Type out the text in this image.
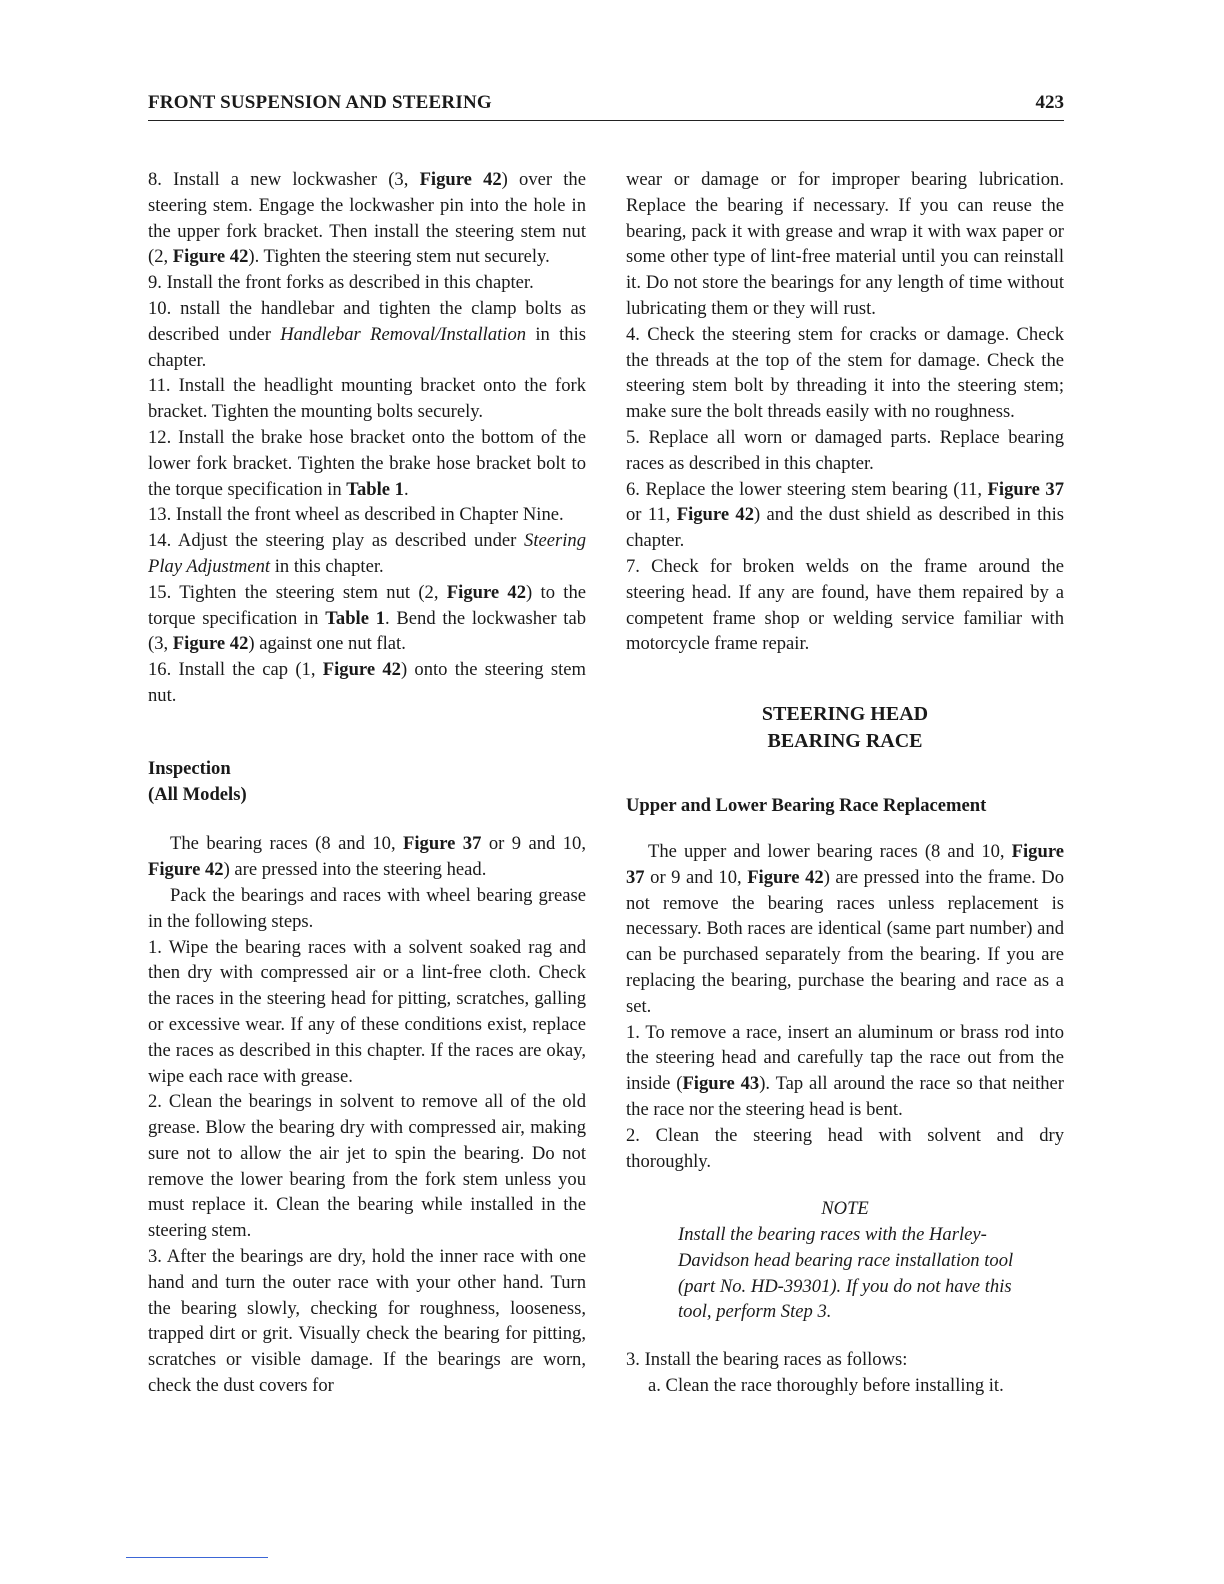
FRONT SUSPENSION AND STEERING	423

8. Install a new lockwasher (3, Figure 42) over the steering stem. Engage the lockwasher pin into the hole in the upper fork bracket. Then install the steering stem nut (2, Figure 42). Tighten the steering stem nut securely.

9. Install the front forks as described in this chapter.

10. nstall the handlebar and tighten the clamp bolts as described under Handlebar Removal/Installation in this chapter.

11. Install the headlight mounting bracket onto the fork bracket. Tighten the mounting bolts securely.

12. Install the brake hose bracket onto the bottom of the lower fork bracket. Tighten the brake hose bracket bolt to the torque specification in Table 1.

13. Install the front wheel as described in Chapter Nine.

14. Adjust the steering play as described under Steering Play Adjustment in this chapter.

15. Tighten the steering stem nut (2, Figure 42) to the torque specification in Table 1. Bend the lockwasher tab (3, Figure 42) against one nut flat.

16. Install the cap (1, Figure 42) onto the steering stem nut.

Inspection
(All Models)

The bearing races (8 and 10, Figure 37 or 9 and 10, Figure 42) are pressed into the steering head.

Pack the bearings and races with wheel bearing grease in the following steps.

1. Wipe the bearing races with a solvent soaked rag and then dry with compressed air or a lint-free cloth. Check the races in the steering head for pitting, scratches, galling or excessive wear. If any of these conditions exist, replace the races as described in this chapter. If the races are okay, wipe each race with grease.

2. Clean the bearings in solvent to remove all of the old grease. Blow the bearing dry with compressed air, making sure not to allow the air jet to spin the bearing. Do not remove the lower bearing from the fork stem unless you must replace it. Clean the bearing while installed in the steering stem.

3. After the bearings are dry, hold the inner race with one hand and turn the outer race with your other hand. Turn the bearing slowly, checking for roughness, looseness, trapped dirt or grit. Visually check the bearing for pitting, scratches or visible damage. If the bearings are worn, check the dust covers for

wear or damage or for improper bearing lubrication. Replace the bearing if necessary. If you can reuse the bearing, pack it with grease and wrap it with wax paper or some other type of lint-free material until you can reinstall it. Do not store the bearings for any length of time without lubricating them or they will rust.

4. Check the steering stem for cracks or damage. Check the threads at the top of the stem for damage. Check the steering stem bolt by threading it into the steering stem; make sure the bolt threads easily with no roughness.

5. Replace all worn or damaged parts. Replace bearing races as described in this chapter.

6. Replace the lower steering stem bearing (11, Figure 37 or 11, Figure 42) and the dust shield as described in this chapter.

7. Check for broken welds on the frame around the steering head. If any are found, have them repaired by a competent frame shop or welding service familiar with motorcycle frame repair.

STEERING HEAD
BEARING RACE

Upper and Lower Bearing Race Replacement

The upper and lower bearing races (8 and 10, Figure 37 or 9 and 10, Figure 42) are pressed into the frame. Do not remove the bearing races unless replacement is necessary. Both races are identical (same part number) and can be purchased separately from the bearing. If you are replacing the bearing, purchase the bearing and race as a set.

1. To remove a race, insert an aluminum or brass rod into the steering head and carefully tap the race out from the inside (Figure 43). Tap all around the race so that neither the race nor the steering head is bent.

2. Clean the steering head with solvent and dry thoroughly.

NOTE

Install the bearing races with the Harley-Davidson head bearing race installation tool (part No. HD-39301). If you do not have this tool, perform Step 3.

3. Install the bearing races as follows:

a. Clean the race thoroughly before installing it.
